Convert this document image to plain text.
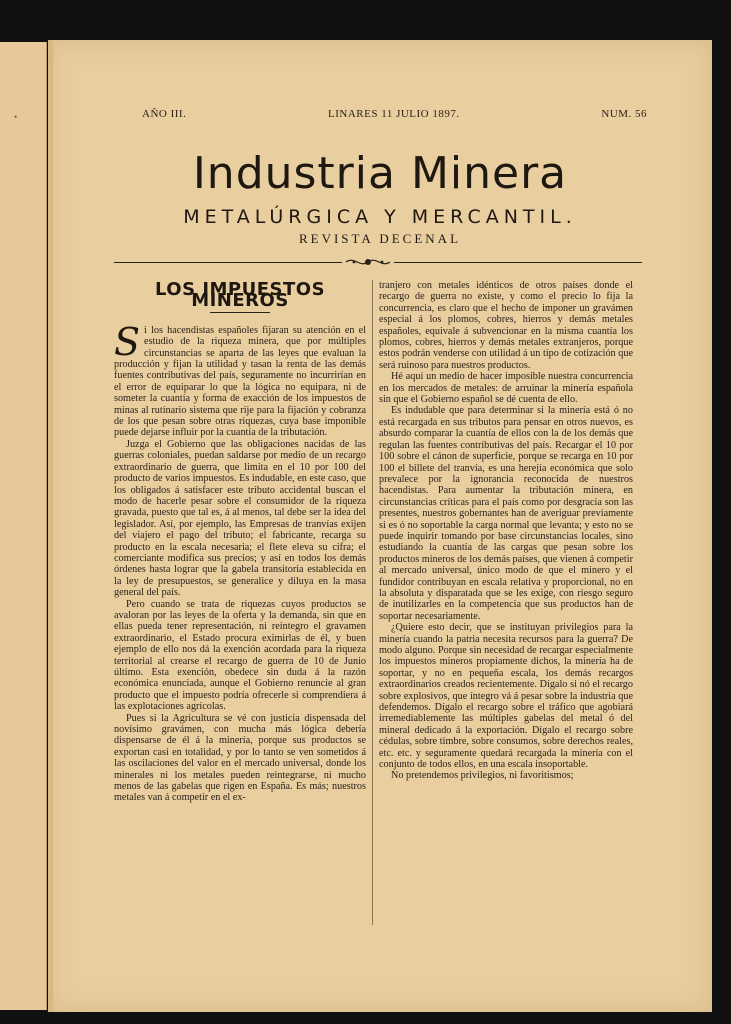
•	AÑO III.	LINARES 11 JULIO 1897.	NUM. 56
Industria Minera
METALÚRGICA Y MERCANTIL.
REVISTA DECENAL
LOS IMPUESTOS MINEROS

Si los hacendistas españoles fijaran su atención en el estudio de la riqueza minera, que por múltiples circunstancias se aparta de las leyes que evaluan la producción y fijan la utilidad y tasan la renta de las demás fuentes contributivas del país, seguramente no incurrirían en el error de equiparar lo que la lógica no equipara, ni de someter la cuantía y forma de exacción de los impuestos de minas al rutinario sistema que rije para la fijación y cobranza de los que pesan sobre otras riquezas, cuya base imponible puede dejarse influir por la cuantía de la tributación.

Juzga el Gobierno que las obligaciones nacidas de las guerras coloniales, puedan saldarse por medio de un recargo extraordinario de guerra, que limita en el 10 por 100 del producto de varios impuestos. Es indudable, en este caso, que los obligados á satisfacer este tributo accidental buscan el modo de hacerle pesar sobre el consumidor de la riqueza gravada, puesto que tal es, á al menos, tal debe ser la idea del legislador. Así, por ejemplo, las Empresas de tranvías exijen del viajero el pago del tributo; el fabricante, recarga su producto en la escala necesaria; el flete eleva su cifra; el comerciante modifica sus precios; y así en todos los demás órdenes hasta lograr que la gabela transitoria establecida en la ley de presupuestos, se generalice y diluya en la masa general del país.

Pero cuando se trata de riquezas cuyos productos se avaloran por las leyes de la oferta y la demanda, sin que en ellas pueda tener representación, ni reintegro el gravamen extraordinario, el Estado procura eximirlas de él, y buen ejemplo de ello nos dá la exención acordada para la riqueza territorial al crearse el recargo de guerra de 10 de Junio último. Esta exención, obedece sin duda á la razón económica enunciada, aunque el Gobierno renuncie al gran producto que el impuesto podría ofrecerle si comprendiera á las explotaciones agrícolas.

Pues si la Agricultura se vé con justicia dispensada del novísimo gravámen, con mucha más lógica debería dispensarse de él á la minería, porque sus productos se exportan casi en totalidad, y por lo tanto se ven sometidos á las oscilaciones del valor en el mercado universal, donde los minerales ni los metales pueden reintegrarse, ni mucho menos de las gabelas que rigen en España. Es más; nuestros metales van á competir en el ex-

tranjero con metales idénticos de otros países donde el recargo de guerra no existe, y como el precio lo fija la concurrencia, es claro que el hecho de imponer un gravámen especial á los plomos, cobres, hierros y demás metales españoles, equivale á subvencionar en la misma cuantía los plomos, cobres, hierros y demás metales extranjeros, porque estos podrán venderse con utilidad á un tipo de cotización que será ruinoso para nuestros productos.

Hé aquí un medio de hacer imposible nuestra concurrencia en los mercados de metales: de arruinar la minería española sin que el Gobierno español se dé cuenta de ello.

Es indudable que para determinar si la minería está ó no está recargada en sus tributos para pensar en otros nuevos, es absurdo comparar la cuantía de ellos con la de los demás que regulan las fuentes contributivas del país. Recargar el 10 por 100 sobre el cánon de superficie, porque se recarga en 10 por 100 el billete del tranvía, es una herejía económica que solo prevalece por la ignorancia reconocida de nuestros hacendistas. Para aumentar la tributación minera, en circunstancias críticas para el país como por desgracia son las presentes, nuestros gobernantes han de averiguar previamente si es ó no soportable la carga normal que levanta; y esto no se puede inquirir tomando por base circunstancias locales, sino estudiando la cuantía de las cargas que pesan sobre los productos mineros de los demás países, que vienen á competir al mercado universal, único modo de que el minero y el fundidor contribuyan en escala relativa y proporcional, no en la absoluta y disparatada que se les exige, con riesgo seguro de inutilizarles en la competencia que sus productos han de soportar necesariamente.

¿Quiere esto decir, que se instituyan privilegios para la minería cuando la patria necesita recursos para la guerra? De modo alguno. Porque sin necesidad de recargar especialmente los impuestos mineros propiamente dichos, la minería ha de soportar, y no en pequeña escala, los demás recargos extraordinarios creados recientemente. Dígalo si nó el recargo sobre explosivos, que íntegro vá á pesar sobre la industria que defendemos. Dígalo el recargo sobre el tráfico que agobiará irremediablemente las múltiples gabelas del metal ó del mineral dedicado á la exportación. Dígalo el recargo sobre cédulas, sobre timbre, sobre consumos, sobre derechos reales, etc. etc. y seguramente quedará recargada la minería con el conjunto de todos ellos, en una escala insoportable.

No pretendemos privilegios, ni favoritismos;
